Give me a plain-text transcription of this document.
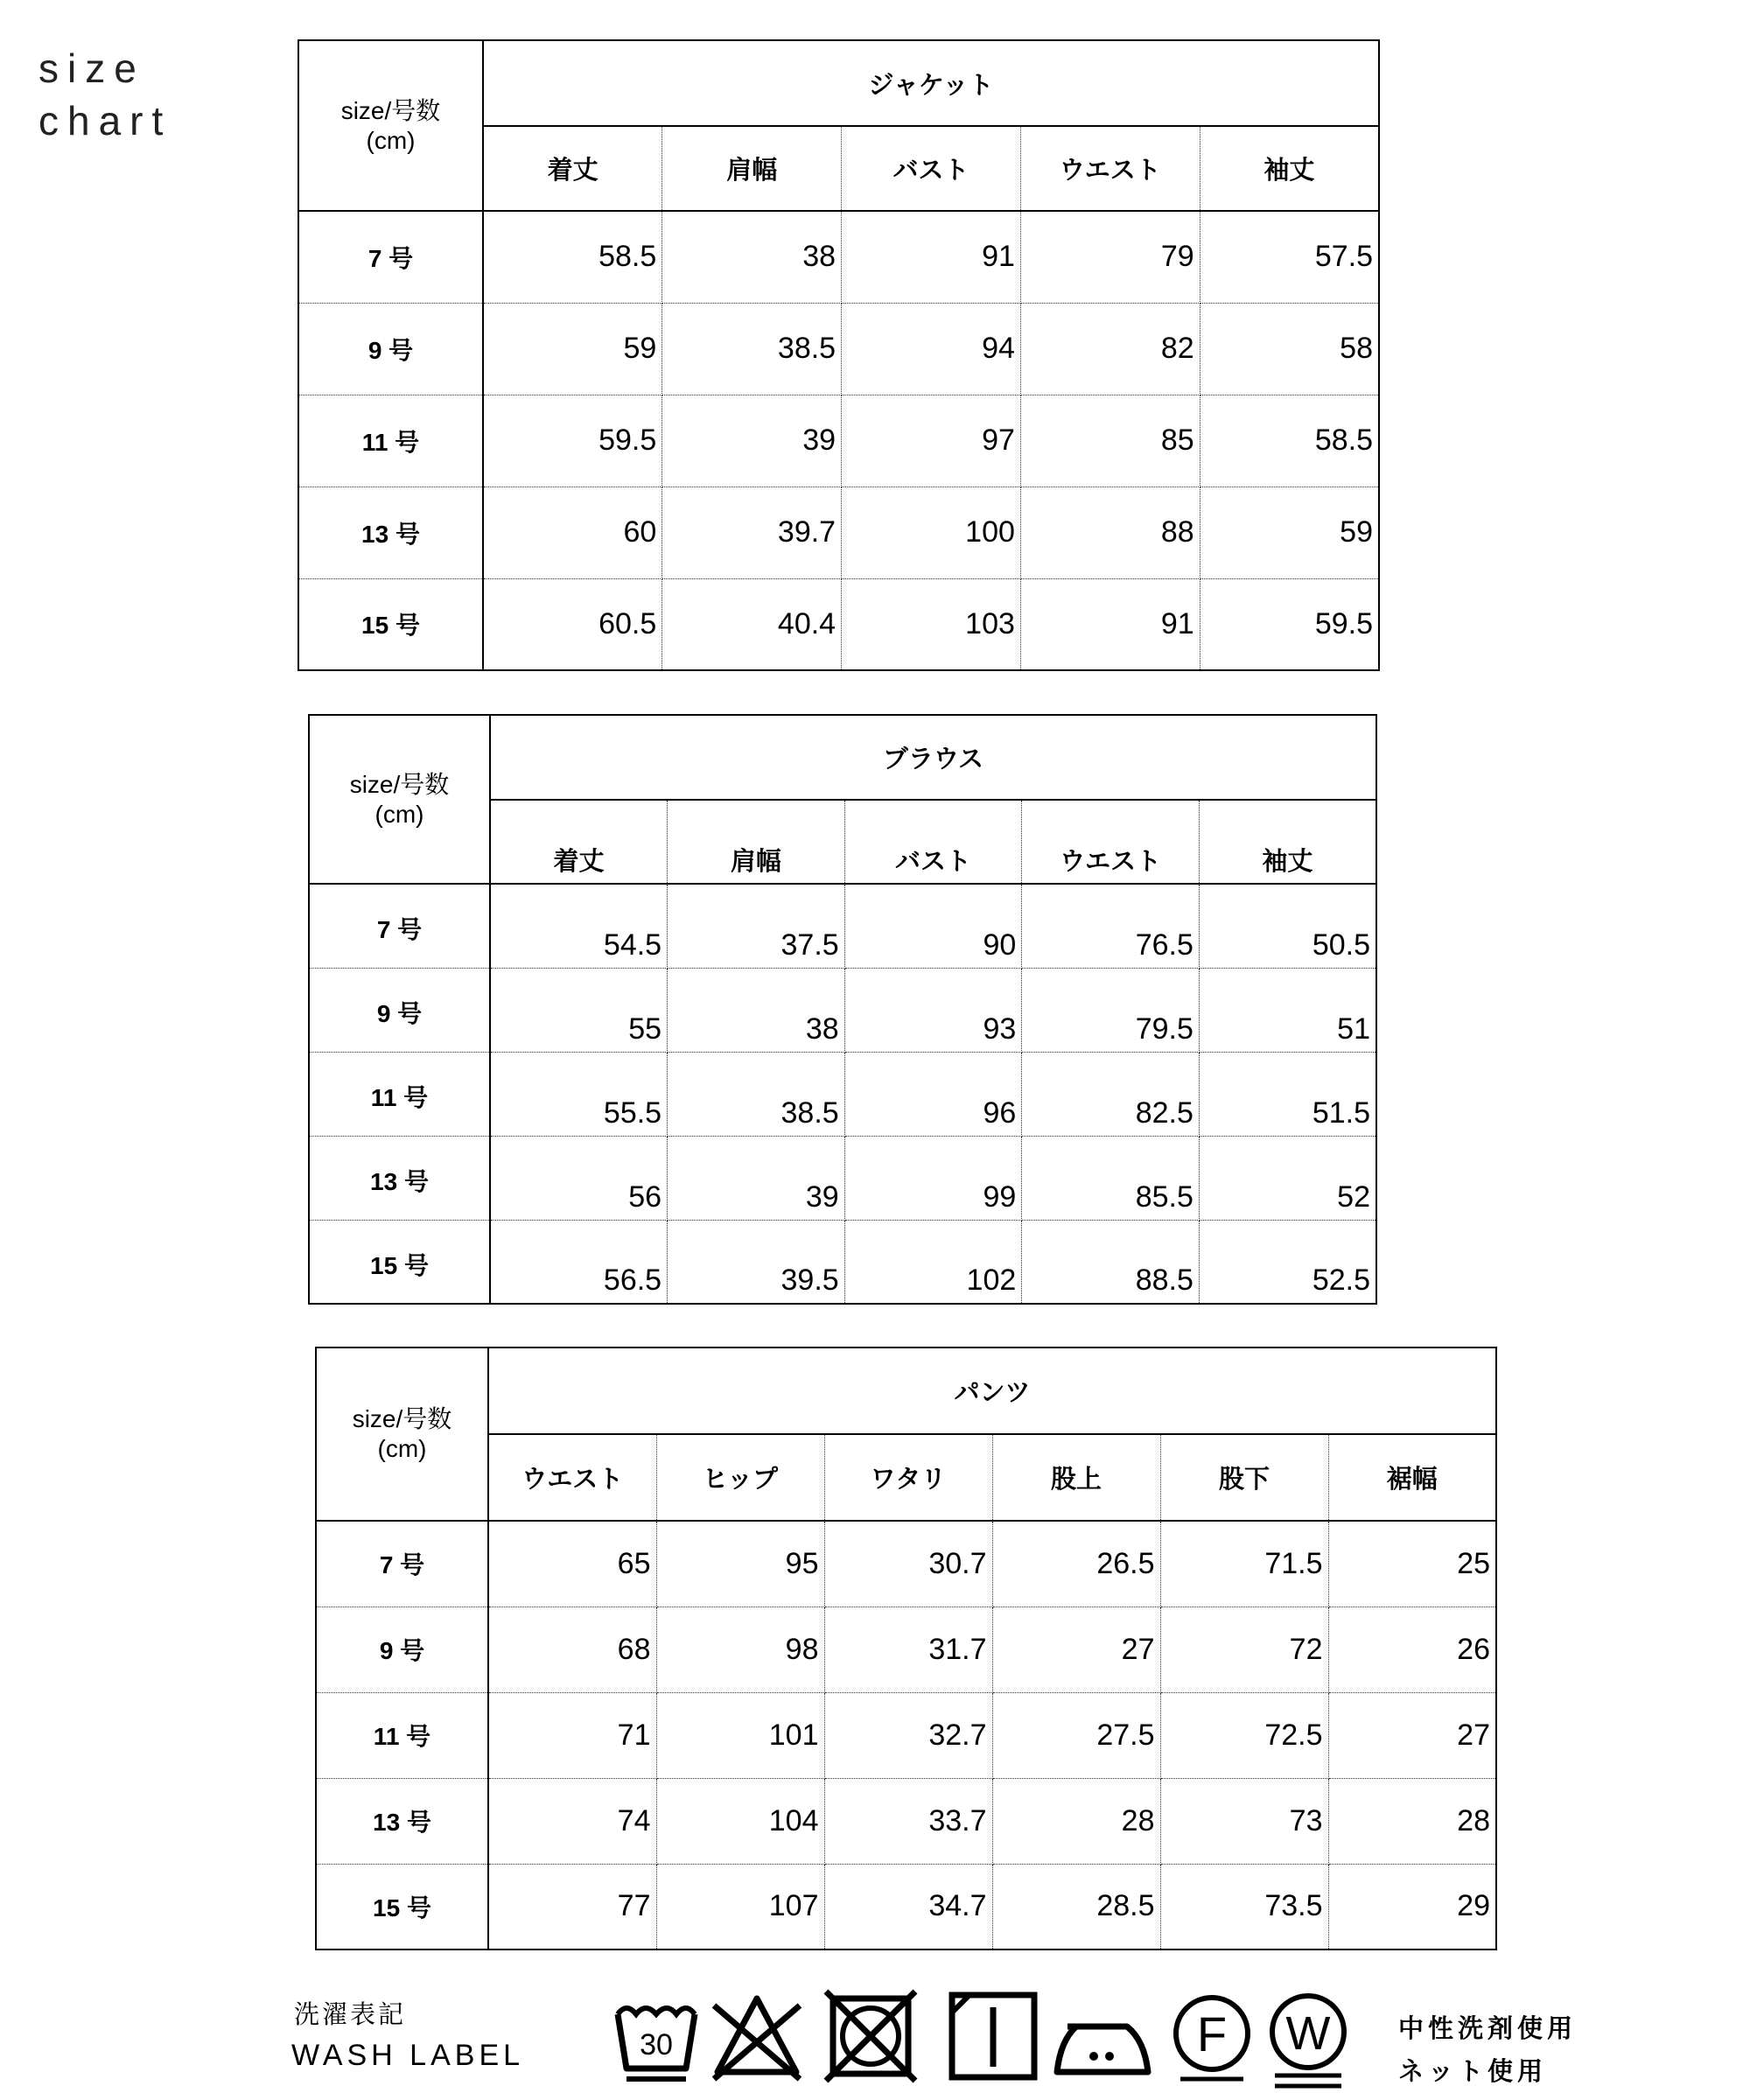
size
chart	size/号数
(cm)	ジャケット				
	着丈	肩幅	バスト	ウエスト	袖丈
7 号	58.5	38	91	79	57.5
9 号	59	38.5	94	82	58
11 号	59.5	39	97	85	58.5
13 号	60	39.7	100	88	59
15 号	60.5	40.4	103	91	59.5
size/号数
(cm)	ブラウス				
	着丈	肩幅	バスト	ウエスト	袖丈
7 号	54.5	37.5	90	76.5	50.5
9 号	55	38	93	79.5	51
11 号	55.5	38.5	96	82.5	51.5
13 号	56	39	99	85.5	52
15 号	56.5	39.5	102	88.5	52.5
size/号数
(cm)	パンツ					
	ウエスト	ヒップ	ワタリ	股上	股下	裾幅
7 号	65	95	30.7	26.5	71.5	25
9 号	68	98	31.7	27	72	26
11 号	71	101	32.7	27.5	72.5	27
13 号	74	104	33.7	28	73	28
15 号	77	107	34.7	28.5	73.5	29
洗濯表記
WASH LABEL	30	F W	中性洗剤使用
ネット使用
